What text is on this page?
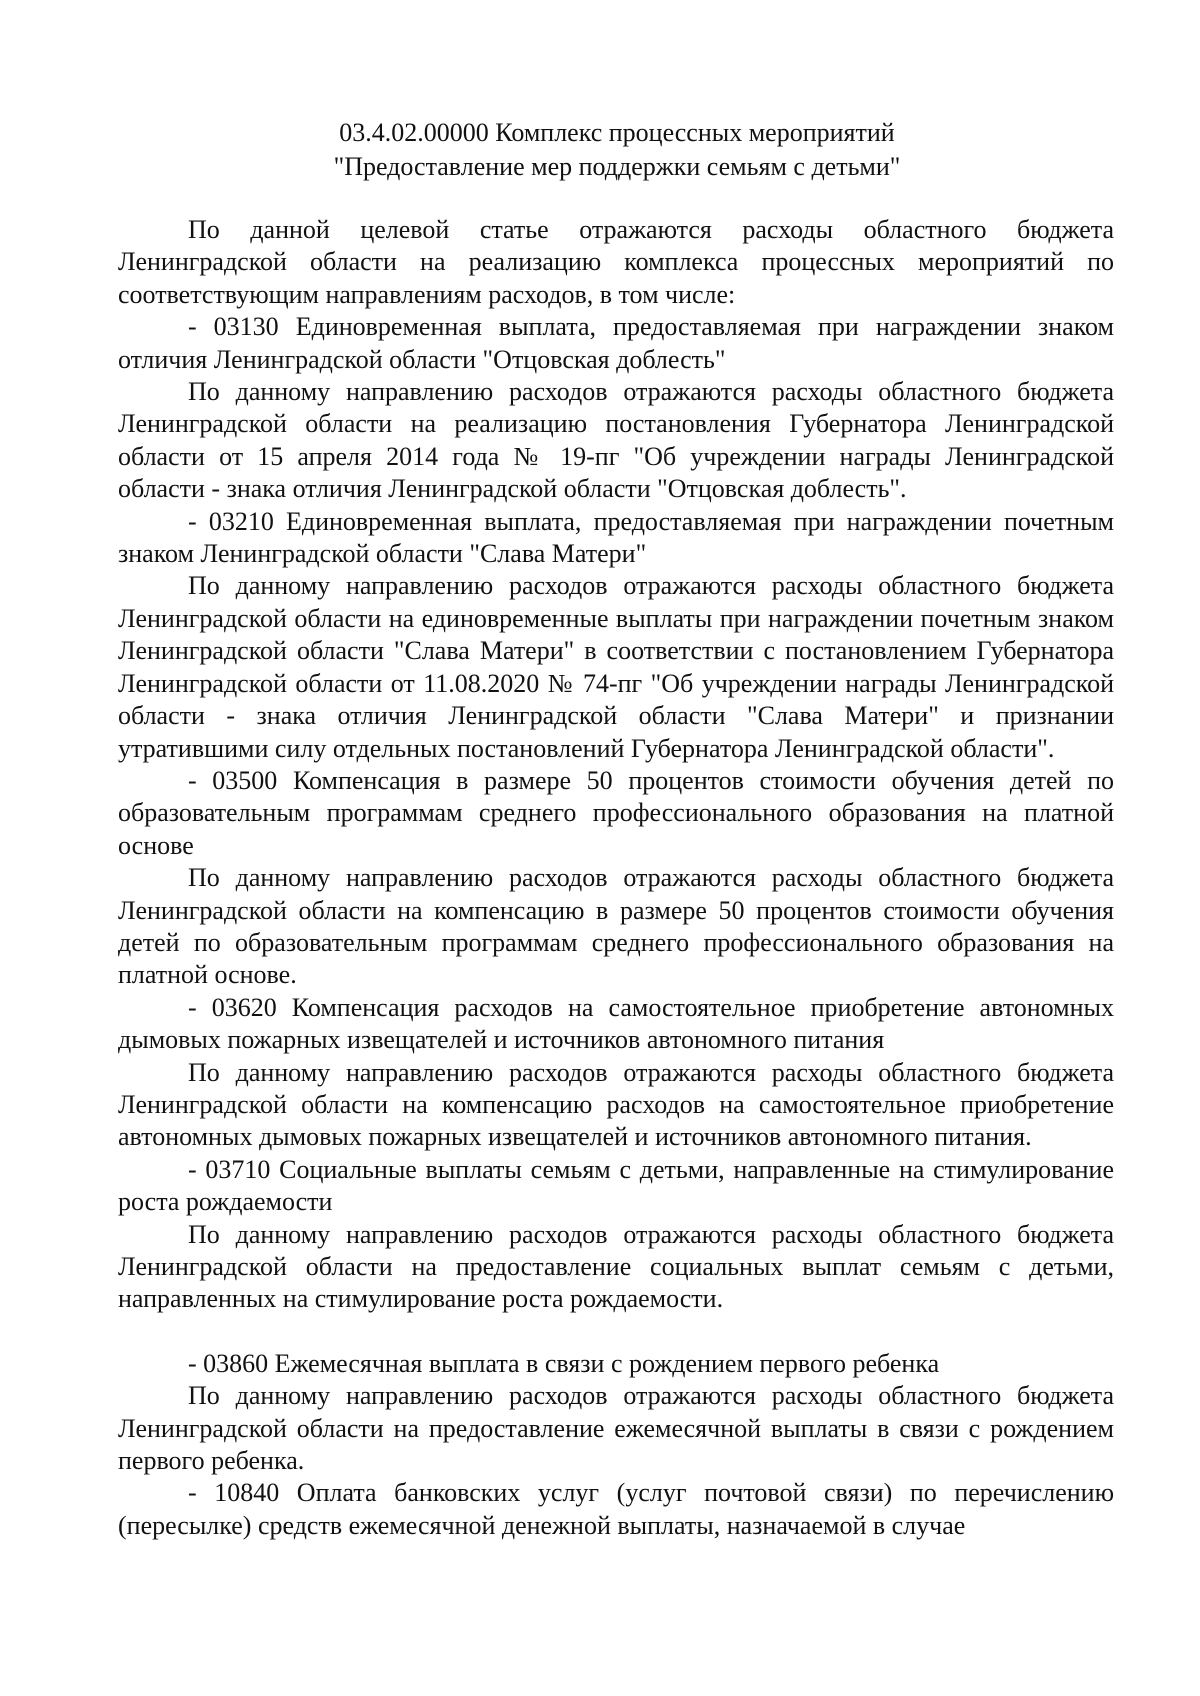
03.4.02.00000 Комплекс процессных мероприятий
"Предоставление мер поддержки семьям с детьми"

По данной целевой статье отражаются расходы областного бюджета Ленинградской области на реализацию комплекса процессных мероприятий по соответствующим направлениям расходов, в том числе:

- 03130 Единовременная выплата, предоставляемая при награждении знаком отличия Ленинградской области "Отцовская доблесть"

По данному направлению расходов отражаются расходы областного бюджета Ленинградской области на реализацию постановления Губернатора Ленинградской области от 15 апреля 2014 года № 19-пг "Об учреждении награды Ленинградской области - знака отличия Ленинградской области "Отцовская доблесть".

- 03210 Единовременная выплата, предоставляемая при награждении почетным знаком Ленинградской области "Слава Матери"

По данному направлению расходов отражаются расходы областного бюджета Ленинградской области на единовременные выплаты при награждении почетным знаком Ленинградской области "Слава Матери" в соответствии с постановлением Губернатора Ленинградской области от 11.08.2020 № 74-пг "Об учреждении награды Ленинградской области - знака отличия Ленинградской области "Слава Матери" и признании утратившими силу отдельных постановлений Губернатора Ленинградской области".

- 03500 Компенсация в размере 50 процентов стоимости обучения детей по образовательным программам среднего профессионального образования на платной основе

По данному направлению расходов отражаются расходы областного бюджета Ленинградской области на компенсацию в размере 50 процентов стоимости обучения детей по образовательным программам среднего профессионального образования на платной основе.

- 03620 Компенсация расходов на самостоятельное приобретение автономных дымовых пожарных извещателей и источников автономного питания

По данному направлению расходов отражаются расходы областного бюджета Ленинградской области на компенсацию расходов на самостоятельное приобретение автономных дымовых пожарных извещателей и источников автономного питания.

- 03710 Социальные выплаты семьям с детьми, направленные на стимулирование роста рождаемости

По данному направлению расходов отражаются расходы областного бюджета Ленинградской области на предоставление социальных выплат семьям с детьми, направленных на стимулирование роста рождаемости.

- 03860 Ежемесячная выплата в связи с рождением первого ребенка

По данному направлению расходов отражаются расходы областного бюджета Ленинградской области на предоставление ежемесячной выплаты в связи с рождением первого ребенка.

- 10840 Оплата банковских услуг (услуг почтовой связи) по перечислению (пересылке) средств ежемесячной денежной выплаты, назначаемой в случае
